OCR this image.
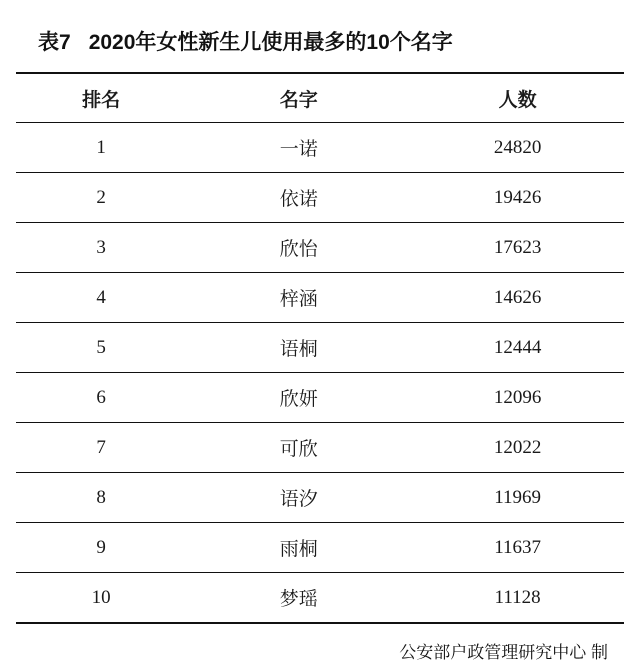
表7 2020年女性新生儿使用最多的10个名字
排名	名字	人数
1	一诺	24820
2	依诺	19426
3	欣怡	17623
4	梓涵	14626
5	语桐	12444
6	欣妍	12096
7	可欣	12022
8	语汐	11969
9	雨桐	11637
10	梦瑶	11128
公安部户政管理研究中心 制
